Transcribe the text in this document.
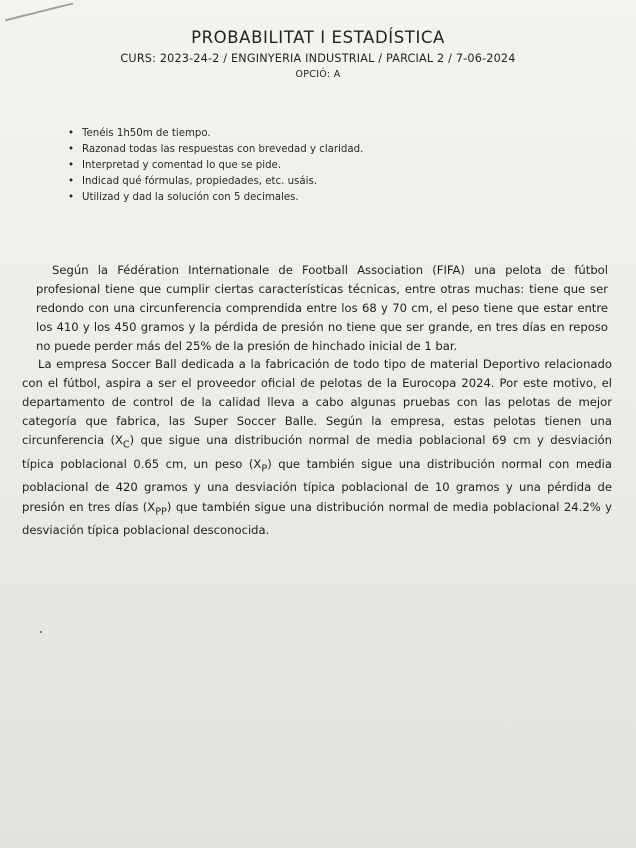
PROBABILITAT I ESTADÍSTICA
CURS: 2023-24-2 / ENGINYERIA INDUSTRIAL / PARCIAL 2 / 7-06-2024
OPCIÓ: A
• Tenéis 1h50m de tiempo.
• Razonad todas las respuestas con brevedad y claridad.
• Interpretad y comentad lo que se pide.
• Indicad qué fórmulas, propiedades, etc. usáis.
• Utilizad y dad la solución con 5 decimales.

Según la Fédération Internationale de Football Association (FIFA) una pelota de fútbol profesional tiene que cumplir ciertas características técnicas, entre otras muchas: tiene que ser redondo con una circunferencia comprendida entre los 68 y 70 cm, el peso tiene que estar entre los 410 y los 450 gramos y la pérdida de presión no tiene que ser grande, en tres días en reposo no puede perder más del 25% de la presión de hinchado inicial de 1 bar.

La empresa Soccer Ball dedicada a la fabricación de todo tipo de material Deportivo relacionado con el fútbol, aspira a ser el proveedor oficial de pelotas de la Eurocopa 2024. Por este motivo, el departamento de control de la calidad lleva a cabo algunas pruebas con las pelotas de mejor categoría que fabrica, las Super Soccer Balle. Según la empresa, estas pelotas tienen una circunferencia $(X_C)$ que sigue una distribución normal de media poblacional 69 cm y desviación típica poblacional 0.65 cm, un peso $(X_P)$ que también sigue una distribución normal con media poblacional de 420 gramos y una desviación típica poblacional de 10 gramos y una pérdida de presión en tres días $(X_{PP})$ que también sigue una distribución normal de media poblacional 24.2% y desviación típica poblacional desconocida.
